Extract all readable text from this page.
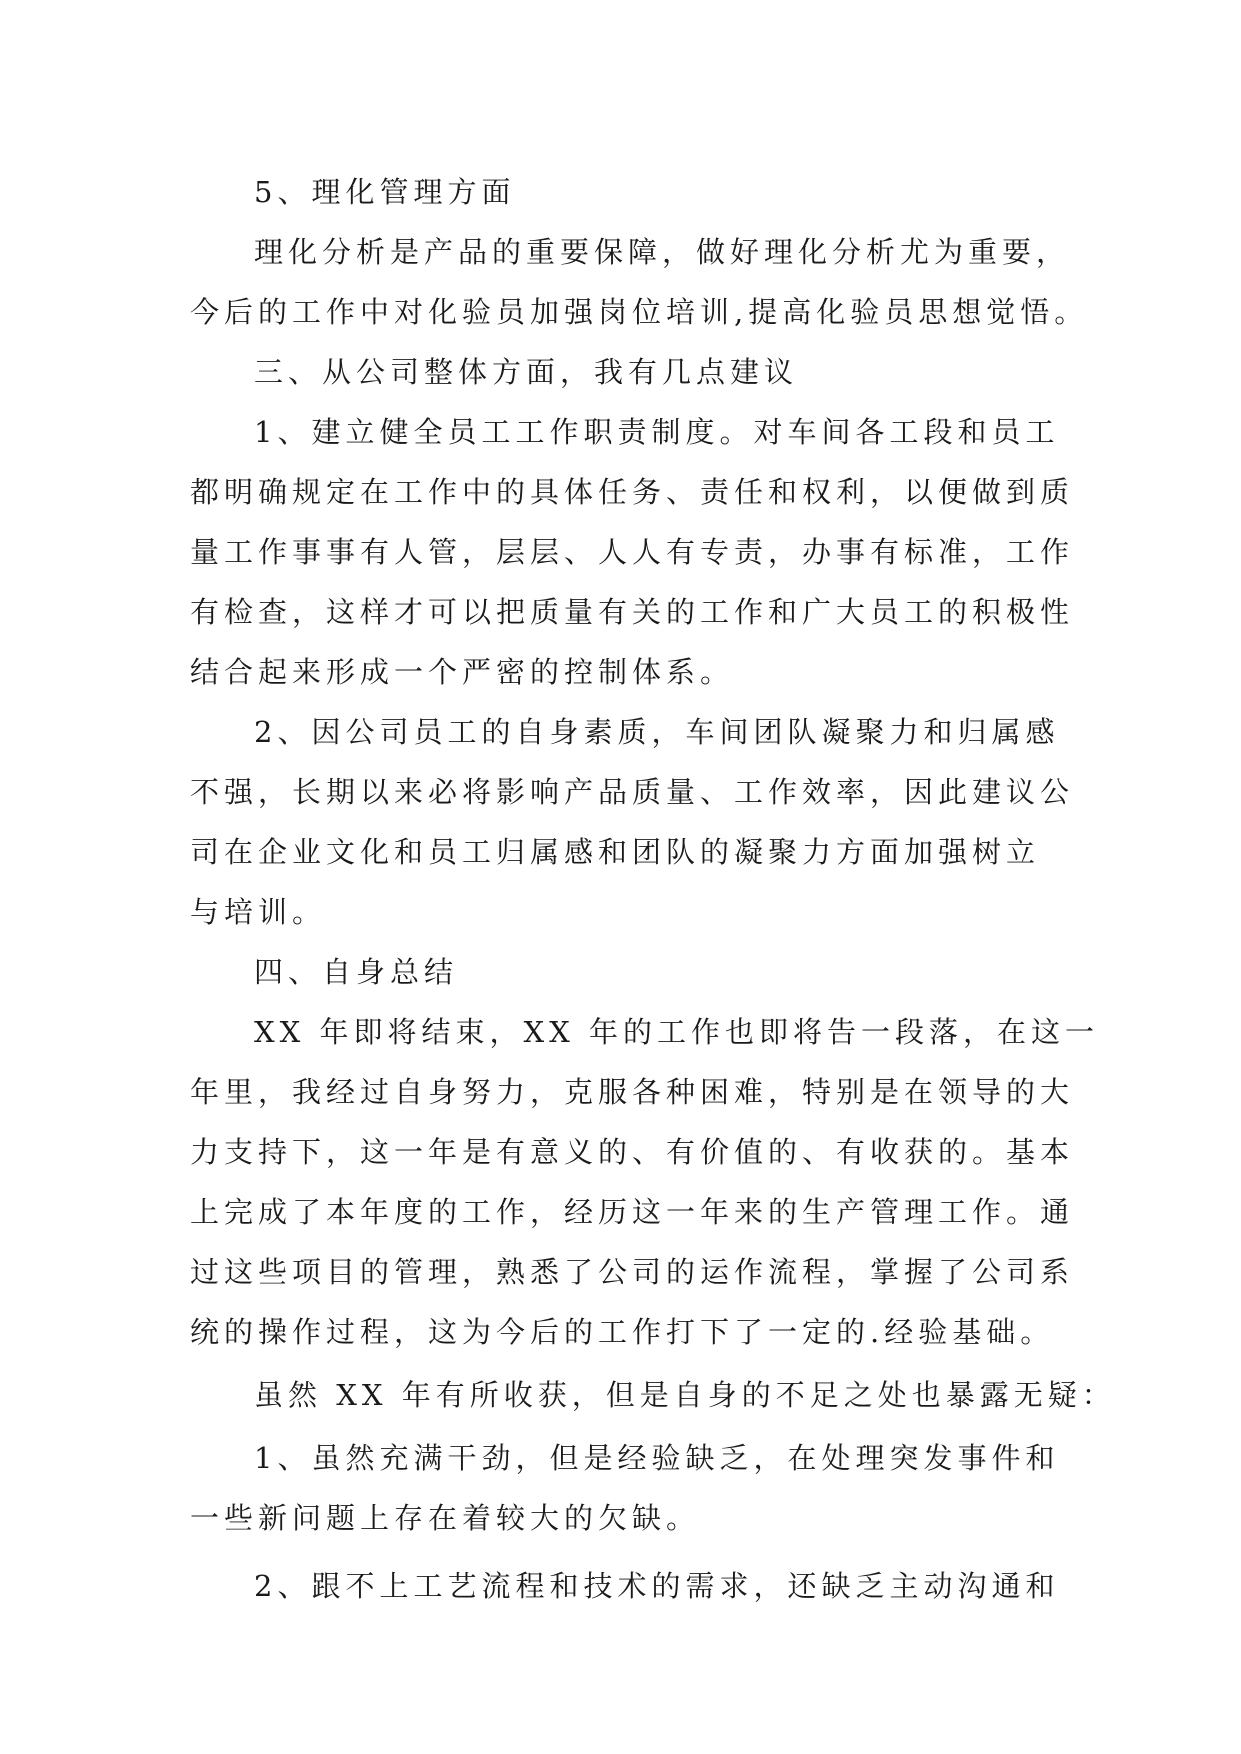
5、理化管理方面
理化分析是产品的重要保障，做好理化分析尤为重要，
今后的工作中对化验员加强岗位培训,提高化验员思想觉悟。
三、从公司整体方面，我有几点建议
1、建立健全员工工作职责制度。对车间各工段和员工
都明确规定在工作中的具体任务、责任和权利，以便做到质
量工作事事有人管，层层、人人有专责，办事有标准，工作
有检查，这样才可以把质量有关的工作和广大员工的积极性
结合起来形成一个严密的控制体系。
2、因公司员工的自身素质，车间团队凝聚力和归属感
不强，长期以来必将影响产品质量、工作效率，因此建议公
司在企业文化和员工归属感和团队的凝聚力方面加强树立
与培训。
四、自身总结
XX 年即将结束，XX 年的工作也即将告一段落，在这一
年里，我经过自身努力，克服各种困难，特别是在领导的大
力支持下，这一年是有意义的、有价值的、有收获的。基本
上完成了本年度的工作，经历这一年来的生产管理工作。通
过这些项目的管理，熟悉了公司的运作流程，掌握了公司系
统的操作过程，这为今后的工作打下了一定的.经验基础。
虽然 XX 年有所收获，但是自身的不足之处也暴露无疑：
1、虽然充满干劲，但是经验缺乏，在处理突发事件和
一些新问题上存在着较大的欠缺。
2、跟不上工艺流程和技术的需求，还缺乏主动沟通和
